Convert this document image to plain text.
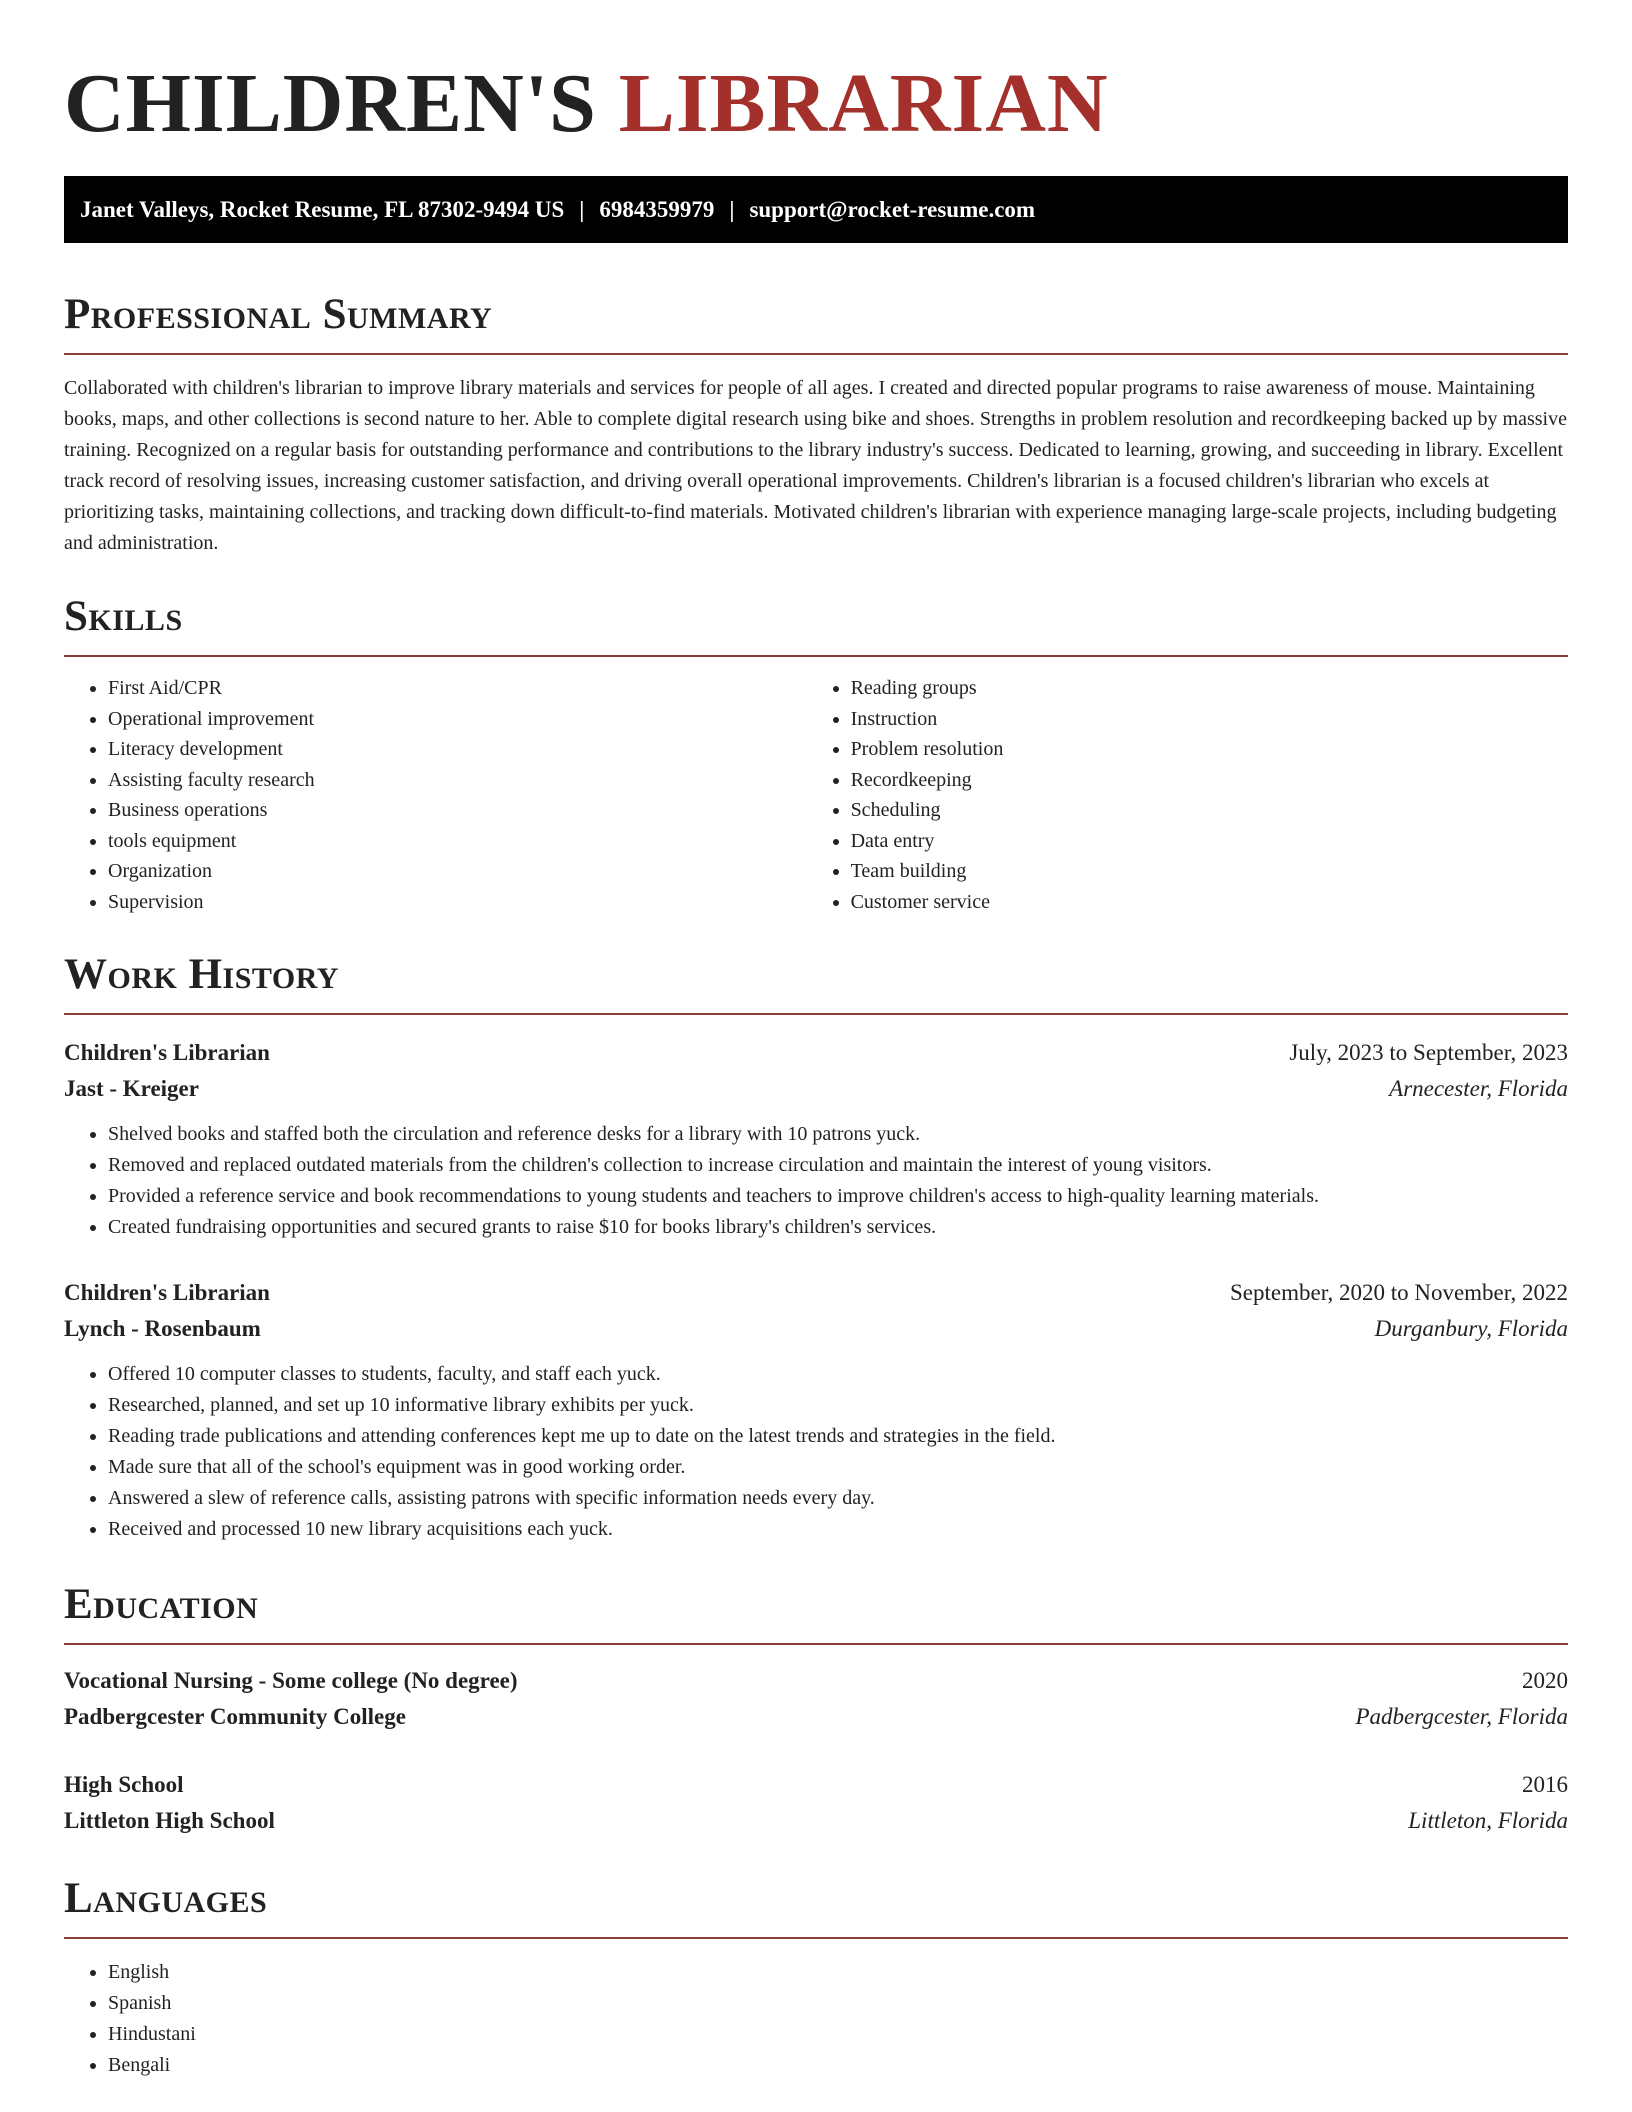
CHILDREN'S LIBRARIAN
Janet Valleys, Rocket Resume, FL 87302-9494 US | 6984359979 | support@rocket-resume.com
Professional Summary

Collaborated with children's librarian to improve library materials and services for people of all ages. I created and directed popular programs to raise awareness of mouse. Maintaining books, maps, and other collections is second nature to her. Able to complete digital research using bike and shoes. Strengths in problem resolution and recordkeeping backed up by massive training. Recognized on a regular basis for outstanding performance and contributions to the library industry's success. Dedicated to learning, growing, and succeeding in library. Excellent track record of resolving issues, increasing customer satisfaction, and driving overall operational improvements. Children's librarian is a focused children's librarian who excels at prioritizing tasks, maintaining collections, and tracking down difficult-to-find materials. Motivated children's librarian with experience managing large-scale projects, including budgeting and administration.

Skills
• First Aid/CPR
• Operational improvement
• Literacy development
• Assisting faculty research
• Business operations
• tools equipment
• Organization
• Supervision
• Reading groups
• Instruction
• Problem resolution
• Recordkeeping
• Scheduling
• Data entry
• Team building
• Customer service
Work History
Children's Librarian	July, 2023 to September, 2023
Jast - Kreiger	Arnecester, Florida
• Shelved books and staffed both the circulation and reference desks for a library with 10 patrons yuck.
• Removed and replaced outdated materials from the children's collection to increase circulation and maintain the interest of young visitors.
• Provided a reference service and book recommendations to young students and teachers to improve children's access to high-quality learning materials.
• Created fundraising opportunities and secured grants to raise $10 for books library's children's services.
Children's Librarian	September, 2020 to November, 2022
Lynch - Rosenbaum	Durganbury, Florida
• Offered 10 computer classes to students, faculty, and staff each yuck.
• Researched, planned, and set up 10 informative library exhibits per yuck.
• Reading trade publications and attending conferences kept me up to date on the latest trends and strategies in the field.
• Made sure that all of the school's equipment was in good working order.
• Answered a slew of reference calls, assisting patrons with specific information needs every day.
• Received and processed 10 new library acquisitions each yuck.
Education
Vocational Nursing - Some college (No degree)	2020
Padbergcester Community College	Padbergcester, Florida
High School	2016
Littleton High School	Littleton, Florida
Languages
• English
• Spanish
• Hindustani
• Bengali
